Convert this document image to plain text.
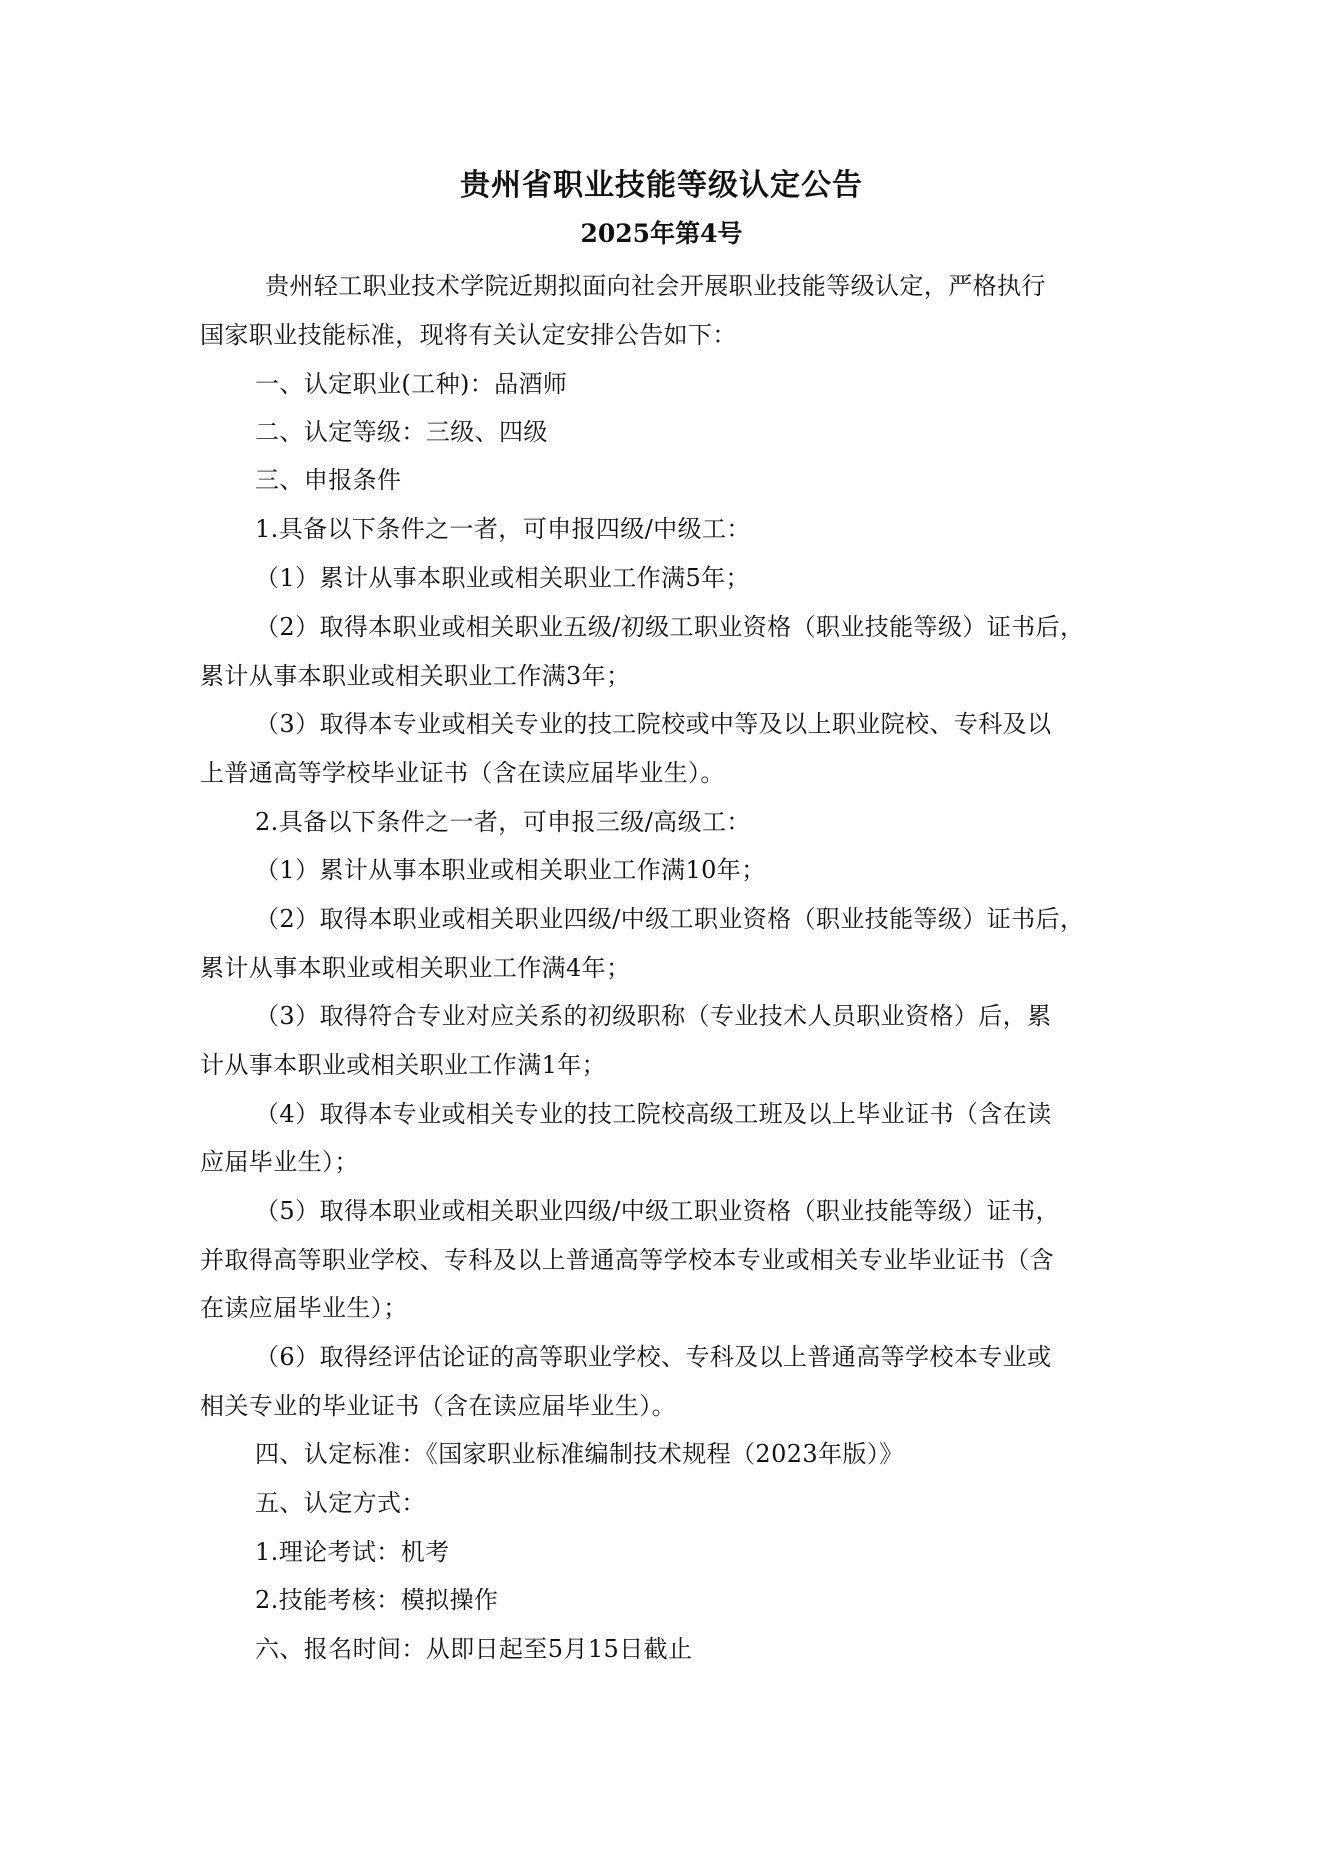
贵州省职业技能等级认定公告
2025年第4号
贵州轻工职业技术学院近期拟面向社会开展职业技能等级认定，严格执行
国家职业技能标准，现将有关认定安排公告如下：
一、认定职业(工种)：品酒师
二、认定等级：三级、四级
三、申报条件
1.具备以下条件之一者，可申报四级/中级工：
（1）累计从事本职业或相关职业工作满5年；
（2）取得本职业或相关职业五级/初级工职业资格（职业技能等级）证书后，
累计从事本职业或相关职业工作满3年；
（3）取得本专业或相关专业的技工院校或中等及以上职业院校、专科及以
上普通高等学校毕业证书（含在读应届毕业生）。
2.具备以下条件之一者，可申报三级/高级工：
（1）累计从事本职业或相关职业工作满10年；
（2）取得本职业或相关职业四级/中级工职业资格（职业技能等级）证书后，
累计从事本职业或相关职业工作满4年；
（3）取得符合专业对应关系的初级职称（专业技术人员职业资格）后，累
计从事本职业或相关职业工作满1年；
（4）取得本专业或相关专业的技工院校高级工班及以上毕业证书（含在读
应届毕业生）；
（5）取得本职业或相关职业四级/中级工职业资格（职业技能等级）证书，
并取得高等职业学校、专科及以上普通高等学校本专业或相关专业毕业证书（含
在读应届毕业生）；
（6）取得经评估论证的高等职业学校、专科及以上普通高等学校本专业或
相关专业的毕业证书（含在读应届毕业生）。
四、认定标准：《国家职业标准编制技术规程（2023年版）》
五、认定方式：
1.理论考试：机考
2.技能考核：模拟操作
六、报名时间：从即日起至5月15日截止
